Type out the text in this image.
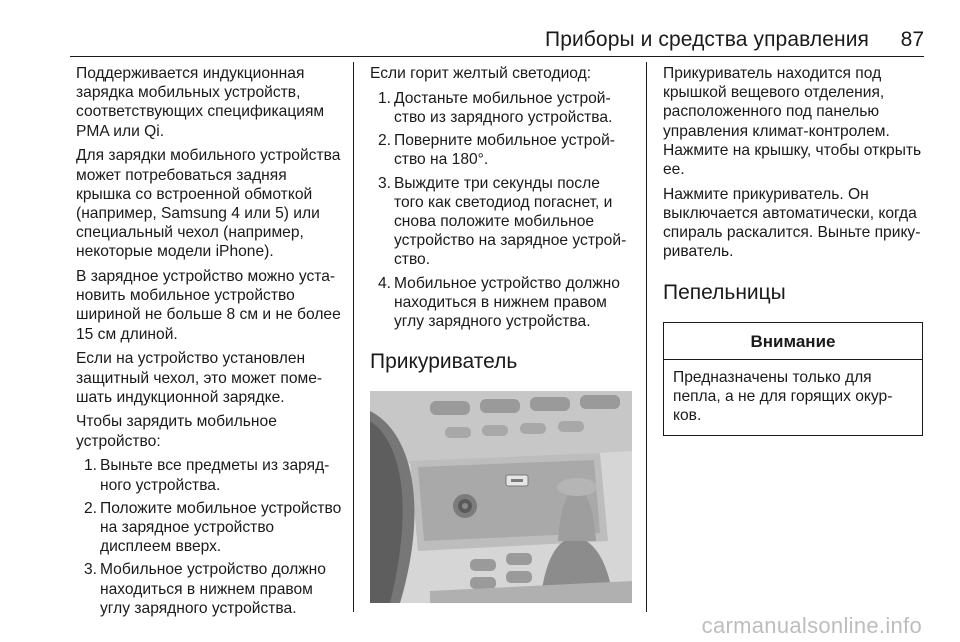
Приборы и средства управления 87

Поддерживается индукционная зарядка мобильных устройств, соответствующих спецификациям PMA или Qi.

Для зарядки мобильного устройства может потребоваться задняя крышка со встроенной обмоткой (например, Samsung 4 или 5) или специальный чехол (например, некоторые модели iPhone).

В зарядное устройство можно установить мобильное устройство шириной не больше 8 см и не более 15 см длиной.

Если на устройство установлен защитный чехол, это может помешать индукционной зарядке.

Чтобы зарядить мобильное устройство:

1. Выньте все предметы из зарядного устройства.
2. Положите мобильное устройство на зарядное устройство дисплеем вверх.
3. Мобильное устройство должно находиться в нижнем правом углу зарядного устройства.

Если горит желтый светодиод:

1. Достаньте мобильное устройство из зарядного устройства.
2. Поверните мобильное устройство на 180°.
3. Выждите три секунды после того как светодиод погаснет, и снова положите мобильное устройство на зарядное устройство.
4. Мобильное устройство должно находиться в нижнем правом углу зарядного устройства.
Прикуриватель

Прикуриватель находится под крышкой вещевого отделения, расположенного под панелью управления климат-контролем. Нажмите на крышку, чтобы открыть ее.

Нажмите прикуриватель. Он выключается автоматически, когда спираль раскалится. Выньте прикуриватель.

Пепельницы
Внимание
Предназначены только для пепла, а не для горящих окурков.
carmanualsonline.info
